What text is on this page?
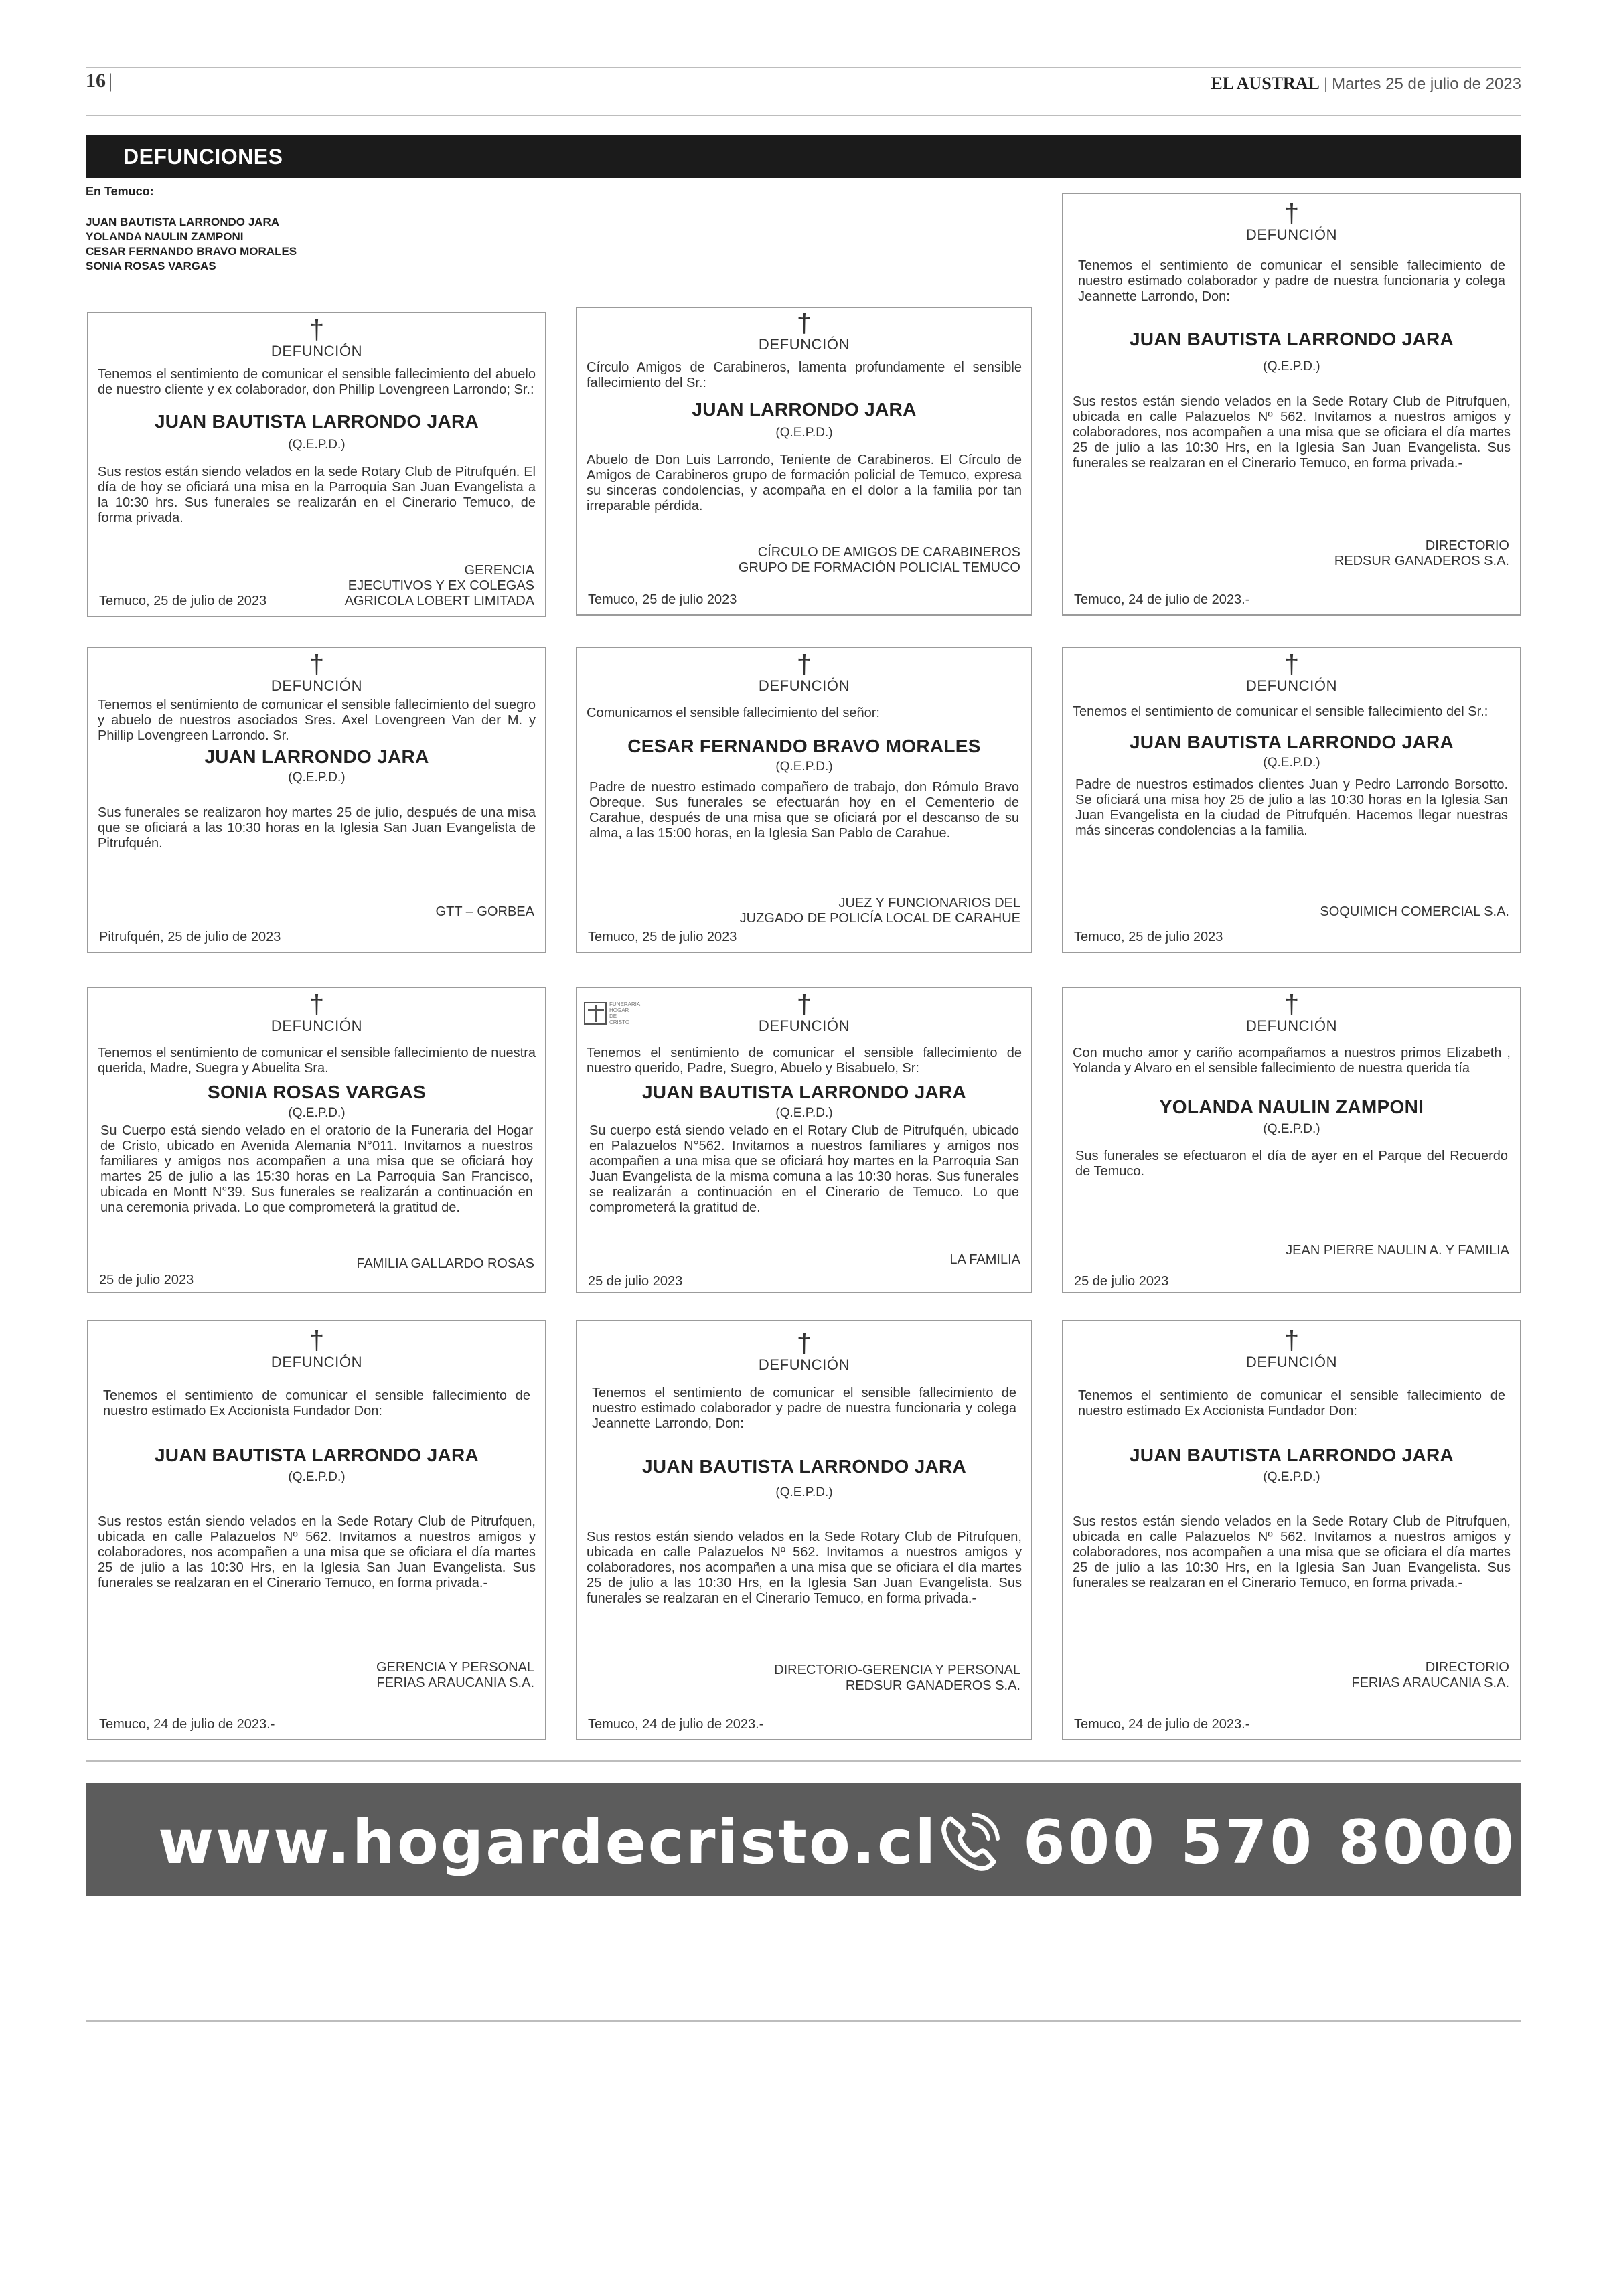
16 |	EL AUSTRAL | Martes 25 de julio de 2023
DEFUNCIONES
En Temuco:
JUAN BAUTISTA LARRONDO JARA
YOLANDA NAULIN ZAMPONI
CESAR FERNANDO BRAVO MORALES
SONIA ROSAS VARGAS
†
DEFUNCIÓN
Tenemos el sentimiento de comunicar el sensible fallecimiento del abuelo de nuestro cliente y ex colaborador, don Phillip Lovengreen Larrondo; Sr.:
JUAN BAUTISTA LARRONDO JARA
(Q.E.P.D.)
Sus restos están siendo velados en la sede Rotary Club de Pitrufquén. El día de hoy se oficiará una misa en la Parroquia San Juan Evangelista a la 10:30 hrs. Sus funerales se realizarán en el Cinerario Temuco, de forma privada.
GERENCIA
EJECUTIVOS Y EX COLEGAS
AGRICOLA LOBERT LIMITADA
Temuco, 25 de julio de 2023
†
DEFUNCIÓN
Círculo Amigos de Carabineros, lamenta profundamente el sensible fallecimiento del Sr.:
JUAN LARRONDO JARA
(Q.E.P.D.)
Abuelo de Don Luis Larrondo, Teniente de Carabineros. El Círculo de Amigos de Carabineros grupo de formación policial de Temuco, expresa su sinceras condolencias, y acompaña en el dolor a la familia por tan irreparable pérdida.
CÍRCULO DE AMIGOS DE CARABINEROS
GRUPO DE FORMACIÓN POLICIAL TEMUCO
Temuco, 25 de julio 2023
†
DEFUNCIÓN
Tenemos el sentimiento de comunicar el sensible fallecimiento de nuestro estimado colaborador y padre de nuestra funcionaria y colega Jeannette Larrondo, Don:
JUAN BAUTISTA LARRONDO JARA
(Q.E.P.D.)
Sus restos están siendo velados en la Sede Rotary Club de Pitrufquen, ubicada en calle Palazuelos Nº 562. Invitamos a nuestros amigos y colaboradores, nos acompañen a una misa que se oficiara el día martes 25 de julio a las 10:30 Hrs, en la Iglesia San Juan Evangelista. Sus funerales se realzaran en el Cinerario Temuco, en forma privada.-
DIRECTORIO
REDSUR GANADEROS S.A.
Temuco, 24 de julio de 2023.-
†
DEFUNCIÓN
Tenemos el sentimiento de comunicar el sensible fallecimiento del suegro y abuelo de nuestros asociados Sres. Axel Lovengreen Van der M. y Phillip Lovengreen Larrondo. Sr.
JUAN LARRONDO JARA
(Q.E.P.D.)
Sus funerales se realizaron hoy martes 25 de julio, después de una misa que se oficiará a las 10:30 horas en la Iglesia San Juan Evangelista de Pitrufquén.
GTT – GORBEA
Pitrufquén, 25 de julio de 2023
†
DEFUNCIÓN
Comunicamos el sensible fallecimiento del señor:
CESAR FERNANDO BRAVO MORALES
(Q.E.P.D.)
Padre de nuestro estimado compañero de trabajo, don Rómulo Bravo Obreque. Sus funerales se efectuarán hoy en el Cementerio de Carahue, después de una misa que se oficiará por el descanso de su alma, a las 15:00 horas, en la Iglesia San Pablo de Carahue.
JUEZ Y FUNCIONARIOS DEL
JUZGADO DE POLICÍA LOCAL DE CARAHUE
Temuco, 25 de julio 2023
†
DEFUNCIÓN
Tenemos el sentimiento de comunicar el sensible fallecimiento del Sr.:
JUAN BAUTISTA LARRONDO JARA
(Q.E.P.D.)
Padre de nuestros estimados clientes Juan y Pedro Larrondo Borsotto. Se oficiará una misa hoy 25 de julio a las 10:30 horas en la Iglesia San Juan Evangelista en la ciudad de Pitrufquén. Hacemos llegar nuestras más sinceras condolencias a la familia.
SOQUIMICH COMERCIAL S.A.
Temuco, 25 de julio 2023
†
DEFUNCIÓN
Tenemos el sentimiento de comunicar el sensible fallecimiento de nuestra querida, Madre, Suegra y Abuelita Sra.
SONIA ROSAS VARGAS
(Q.E.P.D.)
Su Cuerpo está siendo velado en el oratorio de la Funeraria del Hogar de Cristo, ubicado en Avenida Alemania N°011. Invitamos a nuestros familiares y amigos nos acompañen a una misa que se oficiará hoy martes 25 de julio a las 15:30 horas en La Parroquia San Francisco, ubicada en Montt N°39. Sus funerales se realizarán a continuación en una ceremonia privada. Lo que comprometerá la gratitud de.
FAMILIA GALLARDO ROSAS
25 de julio 2023
FUNERARIA HOGAR DE CRISTO
†
DEFUNCIÓN
Tenemos el sentimiento de comunicar el sensible fallecimiento de nuestro querido, Padre, Suegro, Abuelo y Bisabuelo, Sr:
JUAN BAUTISTA LARRONDO JARA
(Q.E.P.D.)
Su cuerpo está siendo velado en el Rotary Club de Pitrufquén, ubicado en Palazuelos N°562. Invitamos a nuestros familiares y amigos nos acompañen a una misa que se oficiará hoy martes en la Parroquia San Juan Evangelista de la misma comuna a las 10:30 horas. Sus funerales se realizarán a continuación en el Cinerario de Temuco. Lo que comprometerá la gratitud de.
LA FAMILIA
25 de julio 2023
†
DEFUNCIÓN
Con mucho amor y cariño acompañamos a nuestros primos Elizabeth , Yolanda y Alvaro en el sensible fallecimiento de nuestra querida tía
YOLANDA NAULIN ZAMPONI
(Q.E.P.D.)
Sus funerales se efectuaron el día de ayer en el Parque del Recuerdo de Temuco.
JEAN PIERRE NAULIN A. Y FAMILIA
25 de julio 2023
†
DEFUNCIÓN
Tenemos el sentimiento de comunicar el sensible fallecimiento de nuestro estimado Ex Accionista Fundador Don:
JUAN BAUTISTA LARRONDO JARA
(Q.E.P.D.)
Sus restos están siendo velados en la Sede Rotary Club de Pitrufquen, ubicada en calle Palazuelos Nº 562. Invitamos a nuestros amigos y colaboradores, nos acompañen a una misa que se oficiara el día martes 25 de julio a las 10:30 Hrs, en la Iglesia San Juan Evangelista. Sus funerales se realzaran en el Cinerario Temuco, en forma privada.-
GERENCIA Y PERSONAL
FERIAS ARAUCANIA S.A.
Temuco, 24 de julio de 2023.-
†
DEFUNCIÓN
Tenemos el sentimiento de comunicar el sensible fallecimiento de nuestro estimado colaborador y padre de nuestra funcionaria y colega Jeannette Larrondo, Don:
JUAN BAUTISTA LARRONDO JARA
(Q.E.P.D.)
Sus restos están siendo velados en la Sede Rotary Club de Pitrufquen, ubicada en calle Palazuelos Nº 562. Invitamos a nuestros amigos y colaboradores, nos acompañen a una misa que se oficiara el día martes 25 de julio a las 10:30 Hrs, en la Iglesia San Juan Evangelista. Sus funerales se realzaran en el Cinerario Temuco, en forma privada.-
DIRECTORIO-GERENCIA Y PERSONAL
REDSUR GANADEROS S.A.
Temuco, 24 de julio de 2023.-
†
DEFUNCIÓN
Tenemos el sentimiento de comunicar el sensible fallecimiento de nuestro estimado Ex Accionista Fundador Don:
JUAN BAUTISTA LARRONDO JARA
(Q.E.P.D.)
Sus restos están siendo velados en la Sede Rotary Club de Pitrufquen, ubicada en calle Palazuelos Nº 562. Invitamos a nuestros amigos y colaboradores, nos acompañen a una misa que se oficiara el día martes 25 de julio a las 10:30 Hrs, en la Iglesia San Juan Evangelista. Sus funerales se realzaran en el Cinerario Temuco, en forma privada.-
DIRECTORIO
FERIAS ARAUCANIA S.A.
Temuco, 24 de julio de 2023.-
www.hogardecristo.cl 600 570 8000
